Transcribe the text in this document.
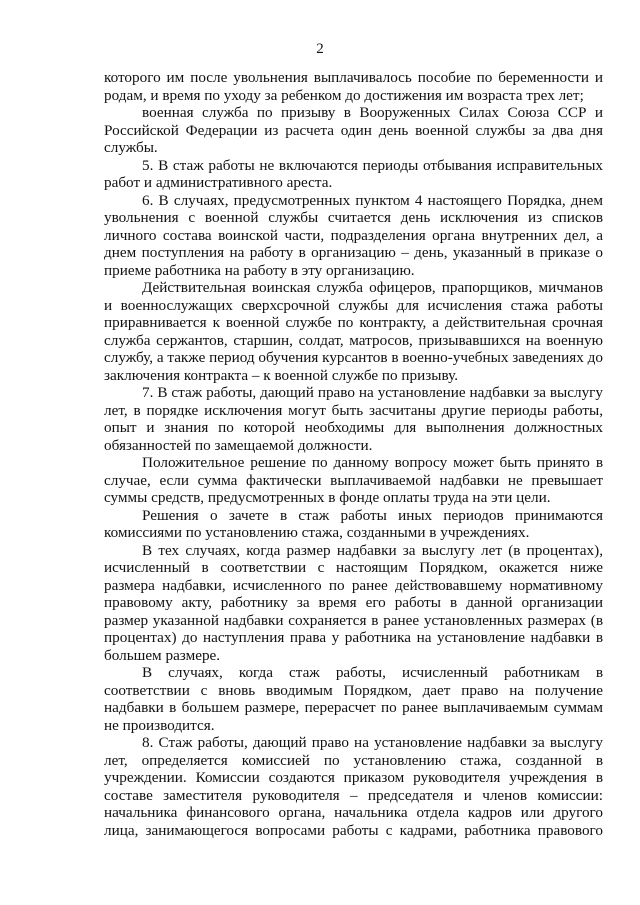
2

которого им после увольнения выплачивалось пособие по беременности и родам, и время по уходу за ребенком до достижения им возраста трех лет;

военная служба по призыву в Вооруженных Силах Союза ССР и Российской Федерации из расчета один день военной службы за два дня службы.

5. В стаж работы не включаются периоды отбывания исправительных работ и административного ареста.

6. В случаях, предусмотренных пунктом 4 настоящего Порядка, днем увольнения с военной службы считается день исключения из списков личного состава воинской части, подразделения органа внутренних дел, а днем поступления на работу в организацию – день, указанный в приказе о приеме работника на работу в эту организацию.

Действительная воинская служба офицеров, прапорщиков, мичманов и военнослужащих сверхсрочной службы для исчисления стажа работы приравнивается к военной службе по контракту, а действительная срочная служба сержантов, старшин, солдат, матросов, призывавшихся на военную службу, а также период обучения курсантов в военно-учебных заведениях до заключения контракта – к военной службе по призыву.

7. В стаж работы, дающий право на установление надбавки за выслугу лет, в порядке исключения могут быть засчитаны другие периоды работы, опыт и знания по которой необходимы для выполнения должностных обязанностей по замещаемой должности.

Положительное решение по данному вопросу может быть принято в случае, если сумма фактически выплачиваемой надбавки не превышает суммы средств, предусмотренных в фонде оплаты труда на эти цели.

Решения о зачете в стаж работы иных периодов принимаются комиссиями по установлению стажа, созданными в учреждениях.

В тех случаях, когда размер надбавки за выслугу лет (в процентах), исчисленный в соответствии с настоящим Порядком, окажется ниже размера надбавки, исчисленного по ранее действовавшему нормативному правовому акту, работнику за время его работы в данной организации размер указанной надбавки сохраняется в ранее установленных размерах (в процентах) до наступления права у работника на установление надбавки в большем размере.

В случаях, когда стаж работы, исчисленный работникам в соответствии с вновь вводимым Порядком, дает право на получение надбавки в большем размере, перерасчет по ранее выплачиваемым суммам не производится.

8. Стаж работы, дающий право на установление надбавки за выслугу лет, определяется комиссией по установлению стажа, созданной в учреждении. Комиссии создаются приказом руководителя учреждения в составе заместителя руководителя – председателя и членов комиссии: начальника финансового органа, начальника отдела кадров или другого лица, занимающегося вопросами работы с кадрами, работника правового
